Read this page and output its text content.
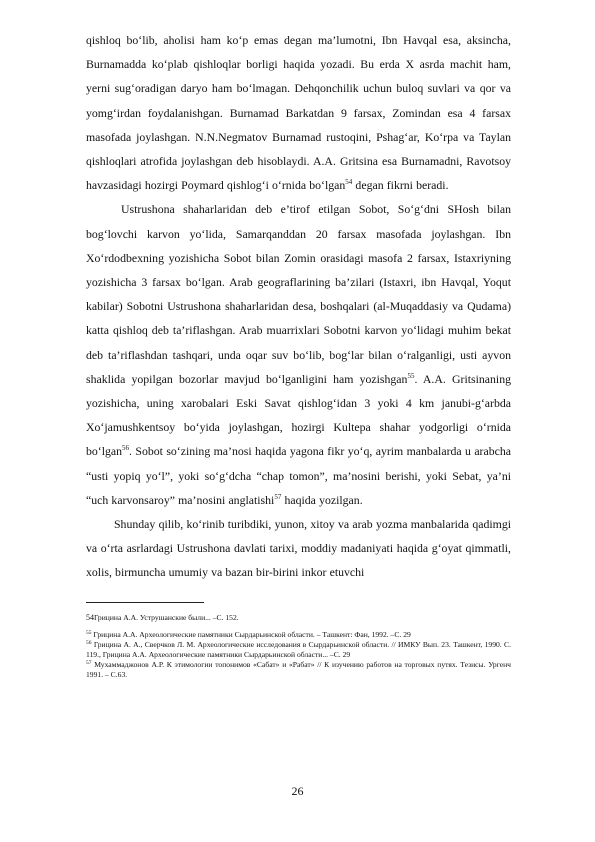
qishloq bo‘lib, aholisi ham ko‘p emas degan ma’lumotni, Ibn Havqal esa, aksincha, Burnamadda ko‘plab qishloqlar borligi haqida yozadi. Bu erda X asrda machit ham, yerni sug‘oradigan daryo ham bo‘lmagan. Dehqonchilik uchun buloq suvlari va qor va yomg‘irdan foydalanishgan. Burnamad Barkatdan 9 farsax, Zomindan esa 4 farsax masofada joylashgan. N.N.Negmatov Burnamad rustoqini, Pshag‘ar, Ko‘rpa va Taylan qishloqlari atrofida joylashgan deb hisoblaydi. A.A. Gritsina esa Burnamadni, Ravotsoy havzasidagi hozirgi Poymard qishlog‘i o‘rnida bo‘lgan$^{54}$ degan fikrni beradi.

Ustrushona shaharlaridan deb e’tirof etilgan Sobot, So‘g‘dni SHosh bilan bog‘lovchi karvon yo‘lida, Samarqanddan 20 farsax masofada joylashgan. Ibn Xo‘rdodbexning yozishicha Sobot bilan Zomin orasidagi masofa 2 farsax, Istaxriyning yozishicha 3 farsax bo‘lgan. Arab geograflarining ba’zilari (Istaxri, ibn Havqal, Yoqut kabilar) Sobotni Ustrushona shaharlaridan desa, boshqalari (al-Muqaddasiy va Qudama) katta qishloq deb ta’riflashgan. Arab muarrixlari Sobotni karvon yo‘lidagi muhim bekat deb ta’riflashdan tashqari, unda oqar suv bo‘lib, bog‘lar bilan o‘ralganligi, usti ayvon shaklida yopilgan bozorlar mavjud bo‘lganligini ham yozishgan$^{55}$. A.A. Gritsinaning yozishicha, uning xarobalari Eski Savat qishlog‘idan 3 yoki 4 km janubi-g‘arbda Xo‘jamushkentsoy bo‘yida joylashgan, hozirgi Kultepa shahar yodgorligi o‘rnida bo‘lgan$^{56}$. Sobot so‘zining ma’nosi haqida yagona fikr yo‘q, ayrim manbalarda u arabcha “usti yopiq yo‘l”, yoki so‘g‘dcha “chap tomon”, ma’nosini berishi, yoki Sebat, ya’ni “uch karvonsaroy” ma’nosini anglatishi$^{57}$ haqida yozilgan.

Shunday qilib, ko‘rinib turibdiki, yunon, xitoy va arab yozma manbalarida qadimgi va o‘rta asrlardagi Ustrushona davlati tarixi, moddiy madaniyati haqida g‘oyat qimmatli, xolis, birmuncha umumiy va bazan bir-birini inkor etuvchi

$^{54}$Грицина А.А. Уструшанские были... –С. 152.

$^{55}$ Грицина А.А. Археологические памятники Сырдарьинской области. – Ташкент: Фан, 1992. –С. 29

$^{56}$ Грицина А. А., Сверчков Л. М. Археологические исследования в Сырдарьинской области. // ИМКУ Вып. 23. Ташкент, 1990. С. 119., Грицина А.А. Археологические памятники Сырдарьинской области... –С. 29

$^{57}$ Мухаммаджонов А.Р. К этимологии топонимов «Сабат» и «Рабат» // К изучению работов на торговых путях. Тезисы. Ургенч 1991. – С.63.

26
